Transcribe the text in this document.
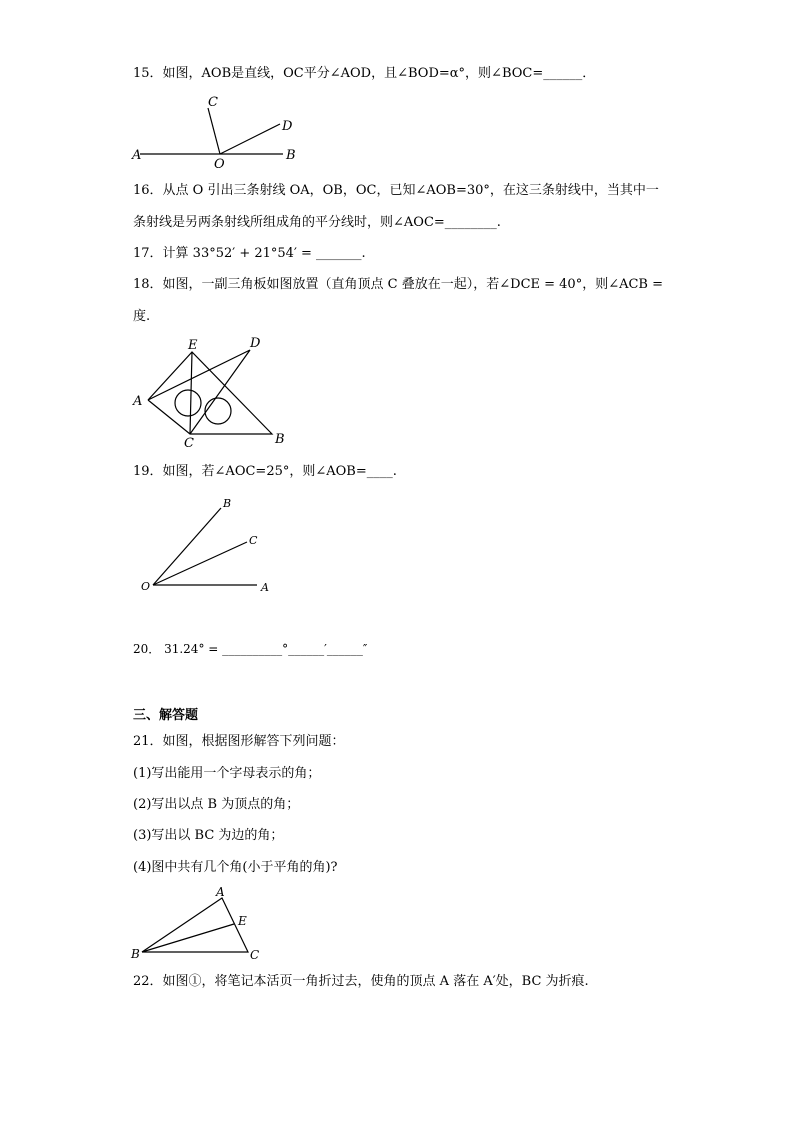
15．如图，AOB是直线，OC平分∠AOD，且∠BOD=α°，则∠BOC=______．
A
O
B
C
D
16．从点 O 引出三条射线 OA，OB，OC，已知∠AOB=30°，在这三条射线中，当其中一
条射线是另两条射线所组成角的平分线时，则∠AOC=________.
17．计算 33°52′ + 21°54′ = _______.
18．如图，一副三角板如图放置（直角顶点 C 叠放在一起），若∠DCE = 40°，则∠ACB =
度.
A
B
C
D
E
19．如图，若∠AOC=25°，则∠AOB=____.
O	A
B
C
20． 31.24° = __________°______′______″
三、解答题
21．如图，根据图形解答下列问题：
(1)写出能用一个字母表示的角；
(2)写出以点 B 为顶点的角；
(3)写出以 BC 为边的角；
(4)图中共有几个角(小于平角的角)?
A
B	C
E
22．如图①，将笔记本活页一角折过去，使角的顶点 A 落在 A′处，BC 为折痕.
